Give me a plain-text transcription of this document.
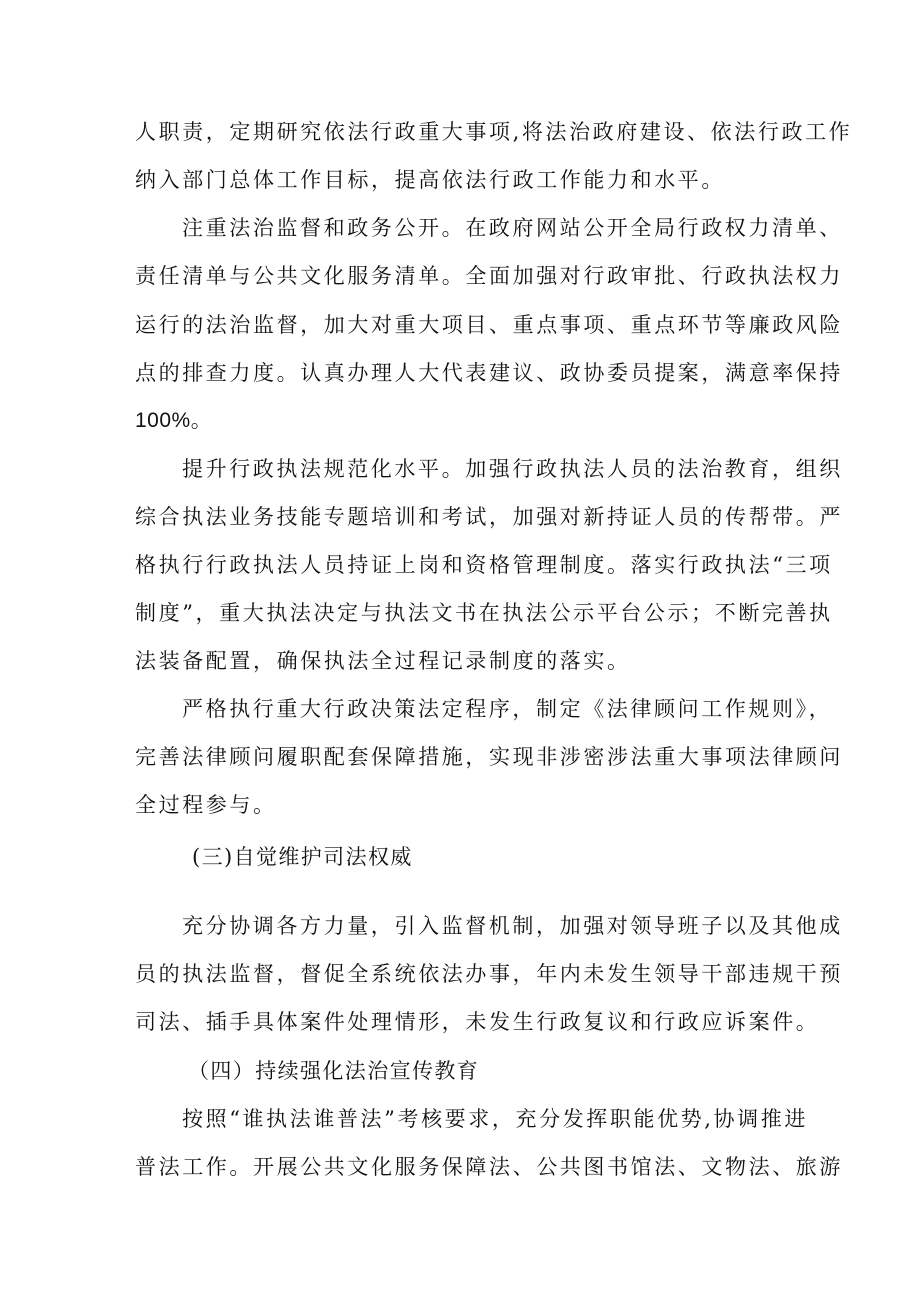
人职责，定期研究依法行政重大事项,将法治政府建设、依法行政工作
纳入部门总体工作目标，提高依法行政工作能力和水平。
注重法治监督和政务公开。在政府网站公开全局行政权力清单、
责任清单与公共文化服务清单。全面加强对行政审批、行政执法权力
运行的法治监督，加大对重大项目、重点事项、重点环节等廉政风险
点的排查力度。认真办理人大代表建议、政协委员提案，满意率保持
100%。
提升行政执法规范化水平。加强行政执法人员的法治教育，组织
综合执法业务技能专题培训和考试，加强对新持证人员的传帮带。严
格执行行政执法人员持证上岗和资格管理制度。落实行政执法“三项
制度”，重大执法决定与执法文书在执法公示平台公示；不断完善执
法装备配置，确保执法全过程记录制度的落实。
严格执行重大行政决策法定程序，制定《法律顾问工作规则》，
完善法律顾问履职配套保障措施，实现非涉密涉法重大事项法律顾问
全过程参与。
(三)自觉维护司法权威
充分协调各方力量，引入监督机制，加强对领导班子以及其他成
员的执法监督，督促全系统依法办事，年内未发生领导干部违规干预
司法、插手具体案件处理情形，未发生行政复议和行政应诉案件。
（四）持续强化法治宣传教育
按照“谁执法谁普法”考核要求，充分发挥职能优势,协调推进
普法工作。开展公共文化服务保障法、公共图书馆法、文物法、旅游
